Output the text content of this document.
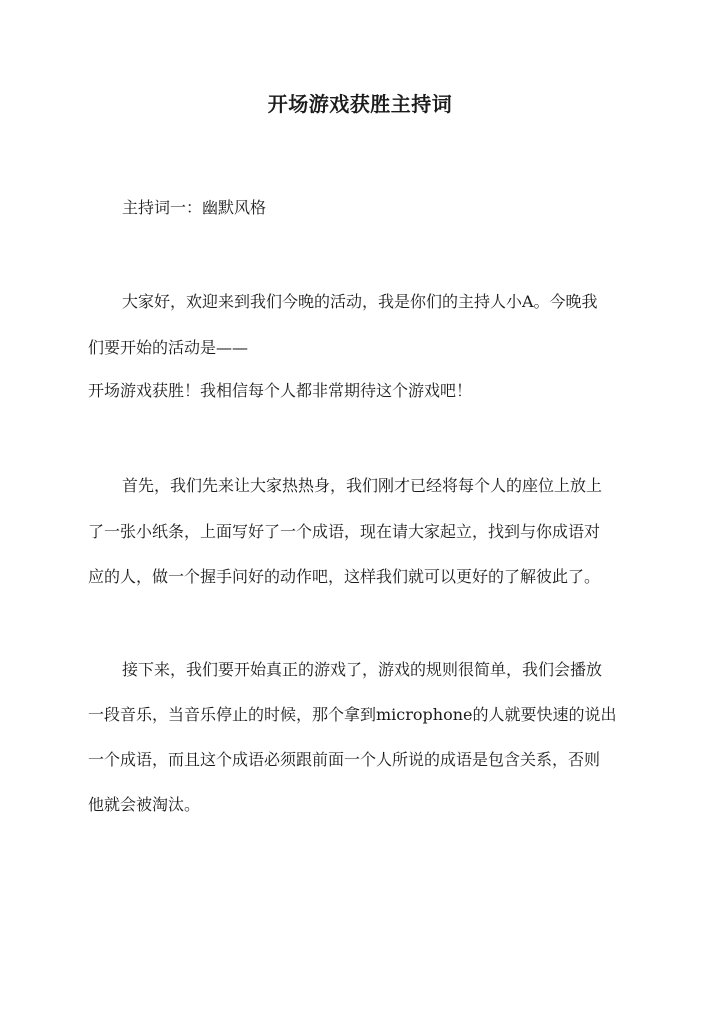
开场游戏获胜主持词
主持词一：幽默风格
大家好，欢迎来到我们今晚的活动，我是你们的主持人小A。今晚我
们要开始的活动是——
开场游戏获胜！我相信每个人都非常期待这个游戏吧！
首先，我们先来让大家热热身，我们刚才已经将每个人的座位上放上
了一张小纸条，上面写好了一个成语，现在请大家起立，找到与你成语对
应的人，做一个握手问好的动作吧，这样我们就可以更好的了解彼此了。
接下来，我们要开始真正的游戏了，游戏的规则很简单，我们会播放
一段音乐，当音乐停止的时候，那个拿到microphone的人就要快速的说出
一个成语，而且这个成语必须跟前面一个人所说的成语是包含关系，否则
他就会被淘汰。
